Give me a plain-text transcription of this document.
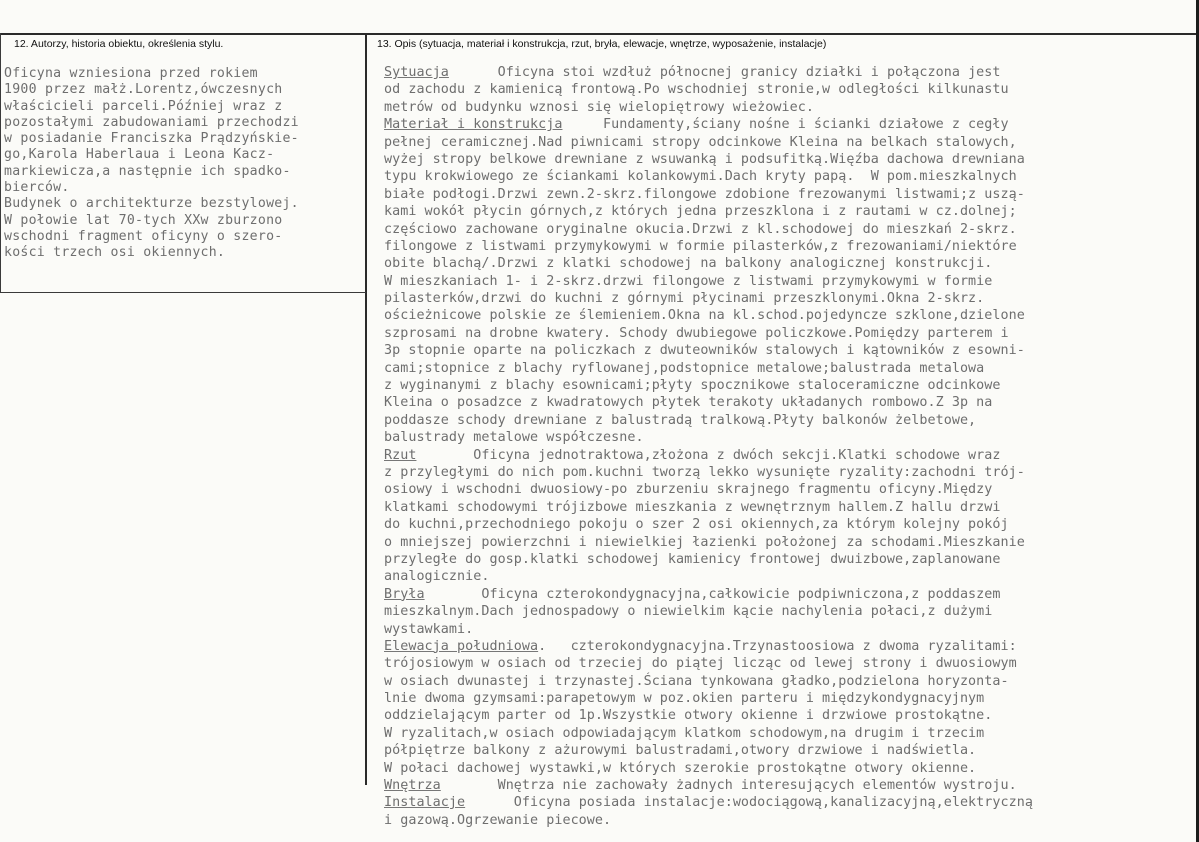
12. Autorzy, historia obiektu, określenia stylu.	13. Opis (sytuacja, materiał i konstrukcja, rzut, bryła, elewacje, wnętrze, wyposażenie, instalacje)
Oficyna wzniesiona przed rokiem
1900 przez małż.Lorentz,ówczesnych
właścicieli parceli.Później wraz z
pozostałymi zabudowaniami przechodzi
w posiadanie Franciszka Prądzyńskie-
go,Karola Haberlaua i Leona Kacz-
markiewicza,a następnie ich spadko-
bierców.
Budynek o architekturze bezstylowej.
W połowie lat 70-tych XXw zburzono
wschodni fragment oficyny o szero-
kości trzech osi okiennych.
Sytuacja      Oficyna stoi wzdłuż północnej granicy działki i połączona jest
od zachodu z kamienicą frontową.Po wschodniej stronie,w odległości kilkunastu
metrów od budynku wznosi się wielopiętrowy wieżowiec.
Materiał i konstrukcja     Fundamenty,ściany nośne i ścianki działowe z cegły
pełnej ceramicznej.Nad piwnicami stropy odcinkowe Kleina na belkach stalowych,
wyżej stropy belkowe drewniane z wsuwanką i podsufitką.Więźba dachowa drewniana
typu krokwiowego ze ściankami kolankowymi.Dach kryty papą.  W pom.mieszkalnych
białe podłogi.Drzwi zewn.2-skrz.filongowe zdobione frezowanymi listwami;z uszą-
kami wokół płycin górnych,z których jedna przeszklona i z rautami w cz.dolnej;
częściowo zachowane oryginalne okucia.Drzwi z kl.schodowej do mieszkań 2-skrz.
filongowe z listwami przymykowymi w formie pilasterków,z frezowaniami/niektóre
obite blachą/.Drzwi z klatki schodowej na balkony analogicznej konstrukcji.
W mieszkaniach 1- i 2-skrz.drzwi filongowe z listwami przymykowymi w formie
pilasterków,drzwi do kuchni z górnymi płycinami przeszklonymi.Okna 2-skrz.
ościeżnicowe polskie ze ślemieniem.Okna na kl.schod.pojedyncze szklone,dzielone
szprosami na drobne kwatery. Schody dwubiegowe policzkowe.Pomiędzy parterem i
3p stopnie oparte na policzkach z dwuteowników stalowych i kątowników z esowni-
cami;stopnice z blachy ryflowanej,podstopnice metalowe;balustrada metalowa
z wyginanymi z blachy esownicami;płyty spocznikowe staloceramiczne odcinkowe
Kleina o posadzce z kwadratowych płytek terakoty układanych rombowo.Z 3p na
poddasze schody drewniane z balustradą tralkową.Płyty balkonów żelbetowe,
balustrady metalowe współczesne.
Rzut       Oficyna jednotraktowa,złożona z dwóch sekcji.Klatki schodowe wraz
z przyległymi do nich pom.kuchni tworzą lekko wysunięte ryzality:zachodni trój-
osiowy i wschodni dwuosiowy-po zburzeniu skrajnego fragmentu oficyny.Między
klatkami schodowymi trójizbowe mieszkania z wewnętrznym hallem.Z hallu drzwi
do kuchni,przechodniego pokoju o szer 2 osi okiennych,za którym kolejny pokój
o mniejszej powierzchni i niewielkiej łazienki położonej za schodami.Mieszkanie
przyległe do gosp.klatki schodowej kamienicy frontowej dwuizbowe,zaplanowane
analogicznie.
Bryła       Oficyna czterokondygnacyjna,całkowicie podpiwniczona,z poddaszem
mieszkalnym.Dach jednospadowy o niewielkim kącie nachylenia połaci,z dużymi
wystawkami.
Elewacja południowa.   czterokondygnacyjna.Trzynastoosiowa z dwoma ryzalitami:
trójosiowym w osiach od trzeciej do piątej licząc od lewej strony i dwuosiowym
w osiach dwunastej i trzynastej.Ściana tynkowana gładko,podzielona horyzonta-
lnie dwoma gzymsami:parapetowym w poz.okien parteru i międzykondygnacyjnym
oddzielającym parter od 1p.Wszystkie otwory okienne i drzwiowe prostokątne.
W ryzalitach,w osiach odpowiadającym klatkom schodowym,na drugim i trzecim
półpiętrze balkony z ażurowymi balustradami,otwory drzwiowe i nadświetla.
W połaci dachowej wystawki,w których szerokie prostokątne otwory okienne.
Wnętrza       Wnętrza nie zachowały żadnych interesujących elementów wystroju.
Instalacje      Oficyna posiada instalacje:wodociągową,kanalizacyjną,elektryczną
i gazową.Ogrzewanie piecowe.
